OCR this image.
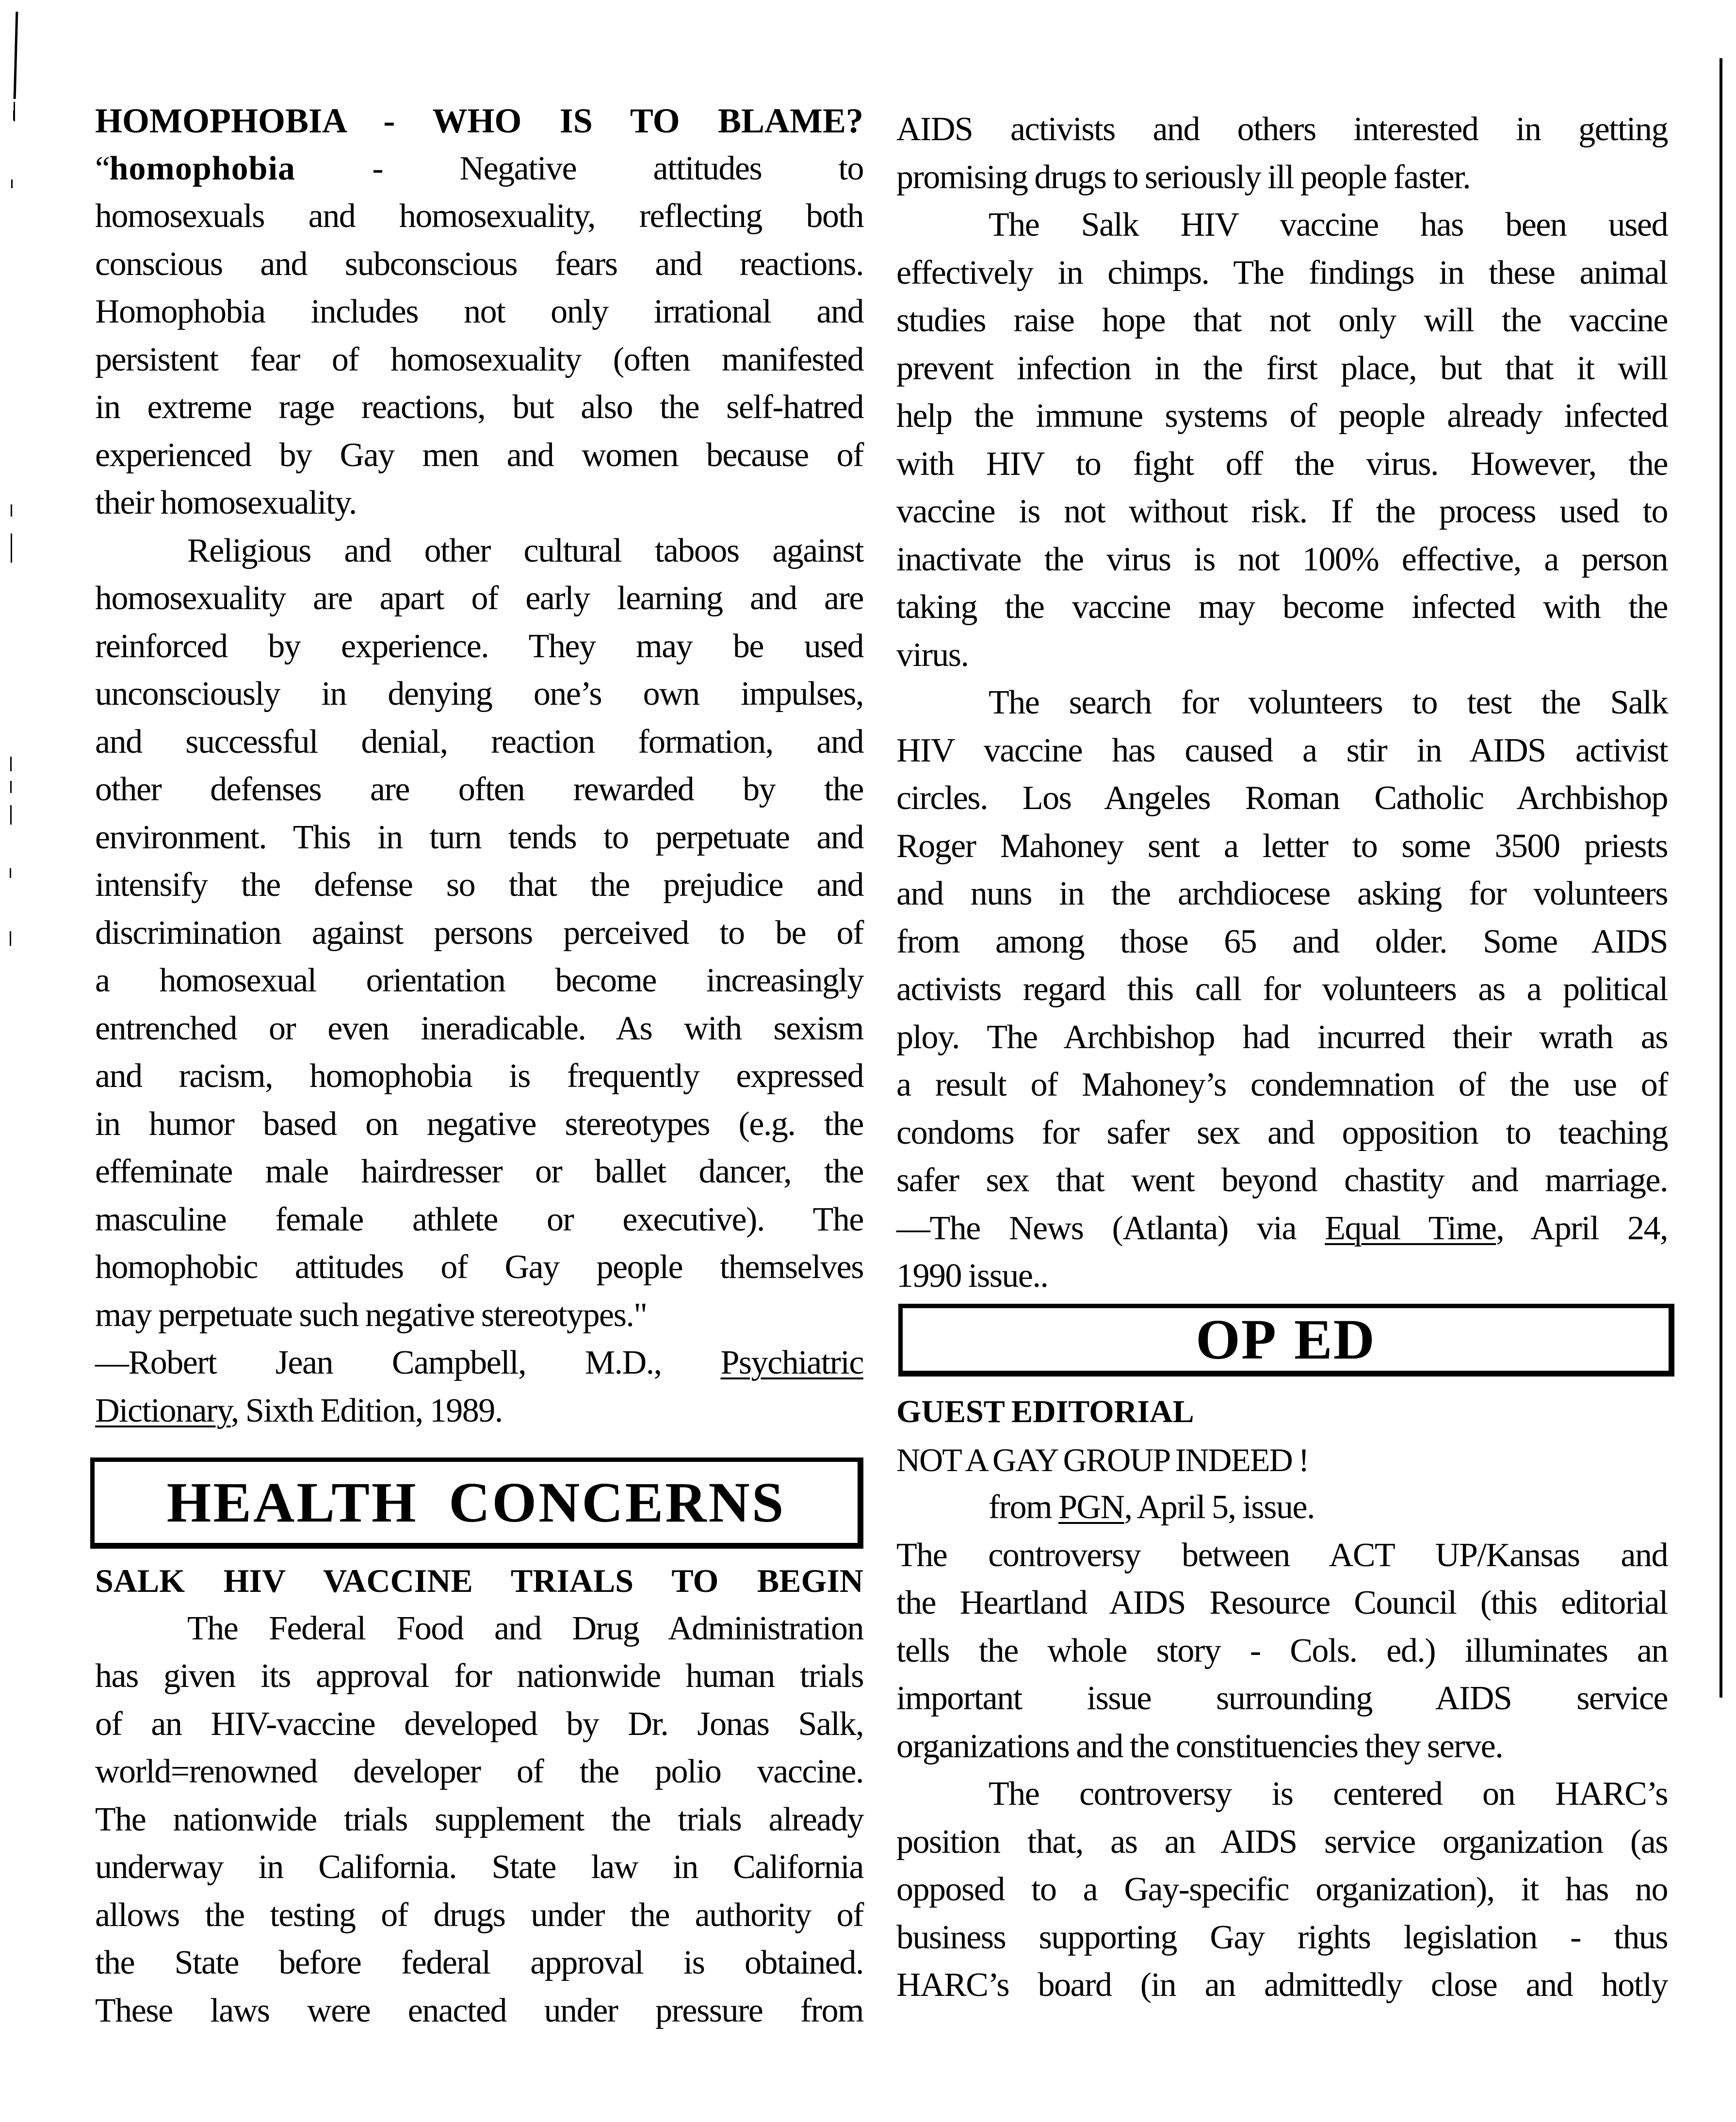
HOMOPHOBIA - WHO IS TO BLAME?
“homophobia - Negative attitudes to
homosexuals and homosexuality, reflecting both
conscious and subconscious fears and reactions.
Homophobia includes not only irrational and
persistent fear of homosexuality (often manifested
in extreme rage reactions, but also the self-hatred
experienced by Gay men and women because of
their homosexuality.
Religious and other cultural taboos against
homosexuality are apart of early learning and are
reinforced by experience. They may be used
unconsciously in denying one’s own impulses,
and successful denial, reaction formation, and
other defenses are often rewarded by the
environment. This in turn tends to perpetuate and
intensify the defense so that the prejudice and
discrimination against persons perceived to be of
a homosexual orientation become increasingly
entrenched or even ineradicable. As with sexism
and racism, homophobia is frequently expressed
in humor based on negative stereotypes (e.g. the
effeminate male hairdresser or ballet dancer, the
masculine female athlete or executive). The
homophobic attitudes of Gay people themselves
may perpetuate such negative stereotypes."
—Robert Jean Campbell, M.D., Psychiatric
Dictionary, Sixth Edition, 1989.
HEALTH CONCERNS
SALK HIV VACCINE TRIALS TO BEGIN
The Federal Food and Drug Administration
has given its approval for nationwide human trials
of an HIV-vaccine developed by Dr. Jonas Salk,
world=renowned developer of the polio vaccine.
The nationwide trials supplement the trials already
underway in California. State law in California
allows the testing of drugs under the authority of
the State before federal approval is obtained.
These laws were enacted under pressure from
AIDS activists and others interested in getting
promising drugs to seriously ill people faster.
The Salk HIV vaccine has been used
effectively in chimps. The findings in these animal
studies raise hope that not only will the vaccine
prevent infection in the first place, but that it will
help the immune systems of people already infected
with HIV to fight off the virus. However, the
vaccine is not without risk. If the process used to
inactivate the virus is not 100% effective, a person
taking the vaccine may become infected with the
virus.
The search for volunteers to test the Salk
HIV vaccine has caused a stir in AIDS activist
circles. Los Angeles Roman Catholic Archbishop
Roger Mahoney sent a letter to some 3500 priests
and nuns in the archdiocese asking for volunteers
from among those 65 and older. Some AIDS
activists regard this call for volunteers as a political
ploy. The Archbishop had incurred their wrath as
a result of Mahoney’s condemnation of the use of
condoms for safer sex and opposition to teaching
safer sex that went beyond chastity and marriage.
—The News (Atlanta) via Equal Time, April 24,
1990 issue..
OP ED
GUEST EDITORIAL
NOT A GAY GROUP INDEED !
from PGN, April 5, issue.
The controversy between ACT UP/Kansas and
the Heartland AIDS Resource Council (this editorial
tells the whole story - Cols. ed.) illuminates an
important issue surrounding AIDS service
organizations and the constituencies they serve.
The controversy is centered on HARC’s
position that, as an AIDS service organization (as
opposed to a Gay-specific organization), it has no
business supporting Gay rights legislation - thus
HARC’s board (in an admittedly close and hotly
